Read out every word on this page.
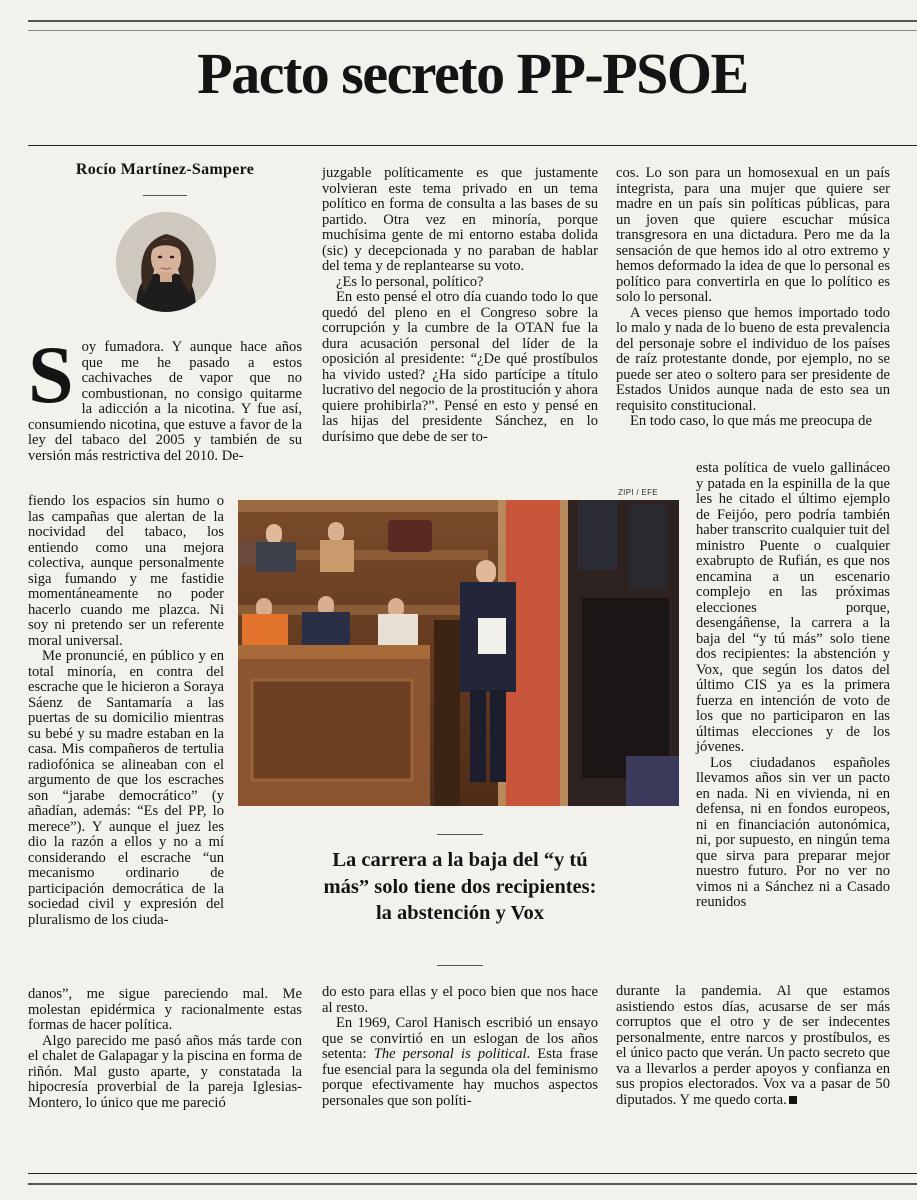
Pacto secreto PP-PSOE
Rocío Martínez-Sampere

Soy fumadora. Y aunque hace años que me he pasado a estos cachivaches de vapor que no combustionan, no consigo quitarme la adicción a la nicotina. Y fue así, consumiendo nicotina, que estuve a favor de la ley del tabaco del 2005 y también de su versión más restrictiva del 2010. De-

fiendo los espacios sin humo o las campañas que alertan de la nocividad del tabaco, los entiendo como una mejora colectiva, aunque personalmente siga fumando y me fastidie momentáneamente no poder hacerlo cuando me plazca. Ni soy ni pretendo ser un referente moral universal.

Me pronuncié, en público y en total minoría, en contra del escrache que le hicieron a Soraya Sáenz de Santamaría a las puertas de su domicilio mientras su bebé y su madre estaban en la casa. Mis compañeros de tertulia radiofónica se alineaban con el argumento de que los escraches son “jarabe democrático” (y añadían, además: “Es del PP, lo merece”). Y aunque el juez les dio la razón a ellos y no a mí considerando el escrache “un mecanismo ordinario de participación democrática de la sociedad civil y expresión del pluralismo de los ciuda-

danos”, me sigue pareciendo mal. Me molestan epidérmica y racionalmente estas formas de hacer política.

Algo parecido me pasó años más tarde con el chalet de Galapagar y la piscina en forma de riñón. Mal gusto aparte, y constatada la hipocresía proverbial de la pareja Iglesias-Montero, lo único que me pareció

juzgable políticamente es que justamente volvieran este tema privado en un tema político en forma de consulta a las bases de su partido. Otra vez en minoría, porque muchísima gente de mi entorno estaba dolida (sic) y decepcionada y no paraban de hablar del tema y de replantearse su voto.

¿Es lo personal, político?

En esto pensé el otro día cuando todo lo que quedó del pleno en el Congreso sobre la corrupción y la cumbre de la OTAN fue la dura acusación personal del líder de la oposición al presidente: “¿De qué prostíbulos ha vivido usted? ¿Ha sido partícipe a título lucrativo del negocio de la prostitución y ahora quiere prohibirla?”. Pensé en esto y pensé en las hijas del presidente Sánchez, en lo durísimo que debe de ser to-

do esto para ellas y el poco bien que nos hace al resto.

En 1969, Carol Hanisch escribió un ensayo que se convirtió en un eslogan de los años setenta: The personal is political. Esta frase fue esencial para la segunda ola del feminismo porque efectivamente hay muchos aspectos personales que son políti-

cos. Lo son para un homosexual en un país integrista, para una mujer que quiere ser madre en un país sin políticas públicas, para un joven que quiere escuchar música transgresora en una dictadura. Pero me da la sensación de que hemos ido al otro extremo y hemos deformado la idea de que lo personal es político para convertirla en que lo político es solo lo personal.

A veces pienso que hemos importado todo lo malo y nada de lo bueno de esta prevalencia del personaje sobre el individuo de los países de raíz protestante donde, por ejemplo, no se puede ser ateo o soltero para ser presidente de Estados Unidos aunque nada de esto sea un requisito constitucional.

En todo caso, lo que más me preocupa de

esta política de vuelo gallináceo y patada en la espinilla de la que les he citado el último ejemplo de Feijóo, pero podría también haber transcrito cualquier tuit del ministro Puente o cualquier exabrupto de Rufián, es que nos encamina a un escenario complejo en las próximas elecciones porque, desengáñense, la carrera a la baja del “y tú más” solo tiene dos recipientes: la abstención y Vox, que según los datos del último CIS ya es la primera fuerza en intención de voto de los que no participaron en las últimas elecciones y de los jóvenes.

Los ciudadanos españoles llevamos años sin ver un pacto en nada. Ni en vivienda, ni en defensa, ni en fondos europeos, ni en financiación autonómica, ni, por supuesto, en ningún tema que sirva para preparar mejor nuestro futuro. Por no ver no vimos ni a Sánchez ni a Casado reunidos

durante la pandemia. Al que estamos asistiendo estos días, acusarse de ser más corruptos que el otro y de ser indecentes personalmente, entre narcos y prostíbulos, es el único pacto que verán. Un pacto secreto que va a llevarlos a perder apoyos y confianza en sus propios electorados. Vox va a pasar de 50 diputados. Y me quedo corta.

ZIPI / EFE

La carrera a la baja del “y tú más” solo tiene dos recipientes: la abstención y Vox
